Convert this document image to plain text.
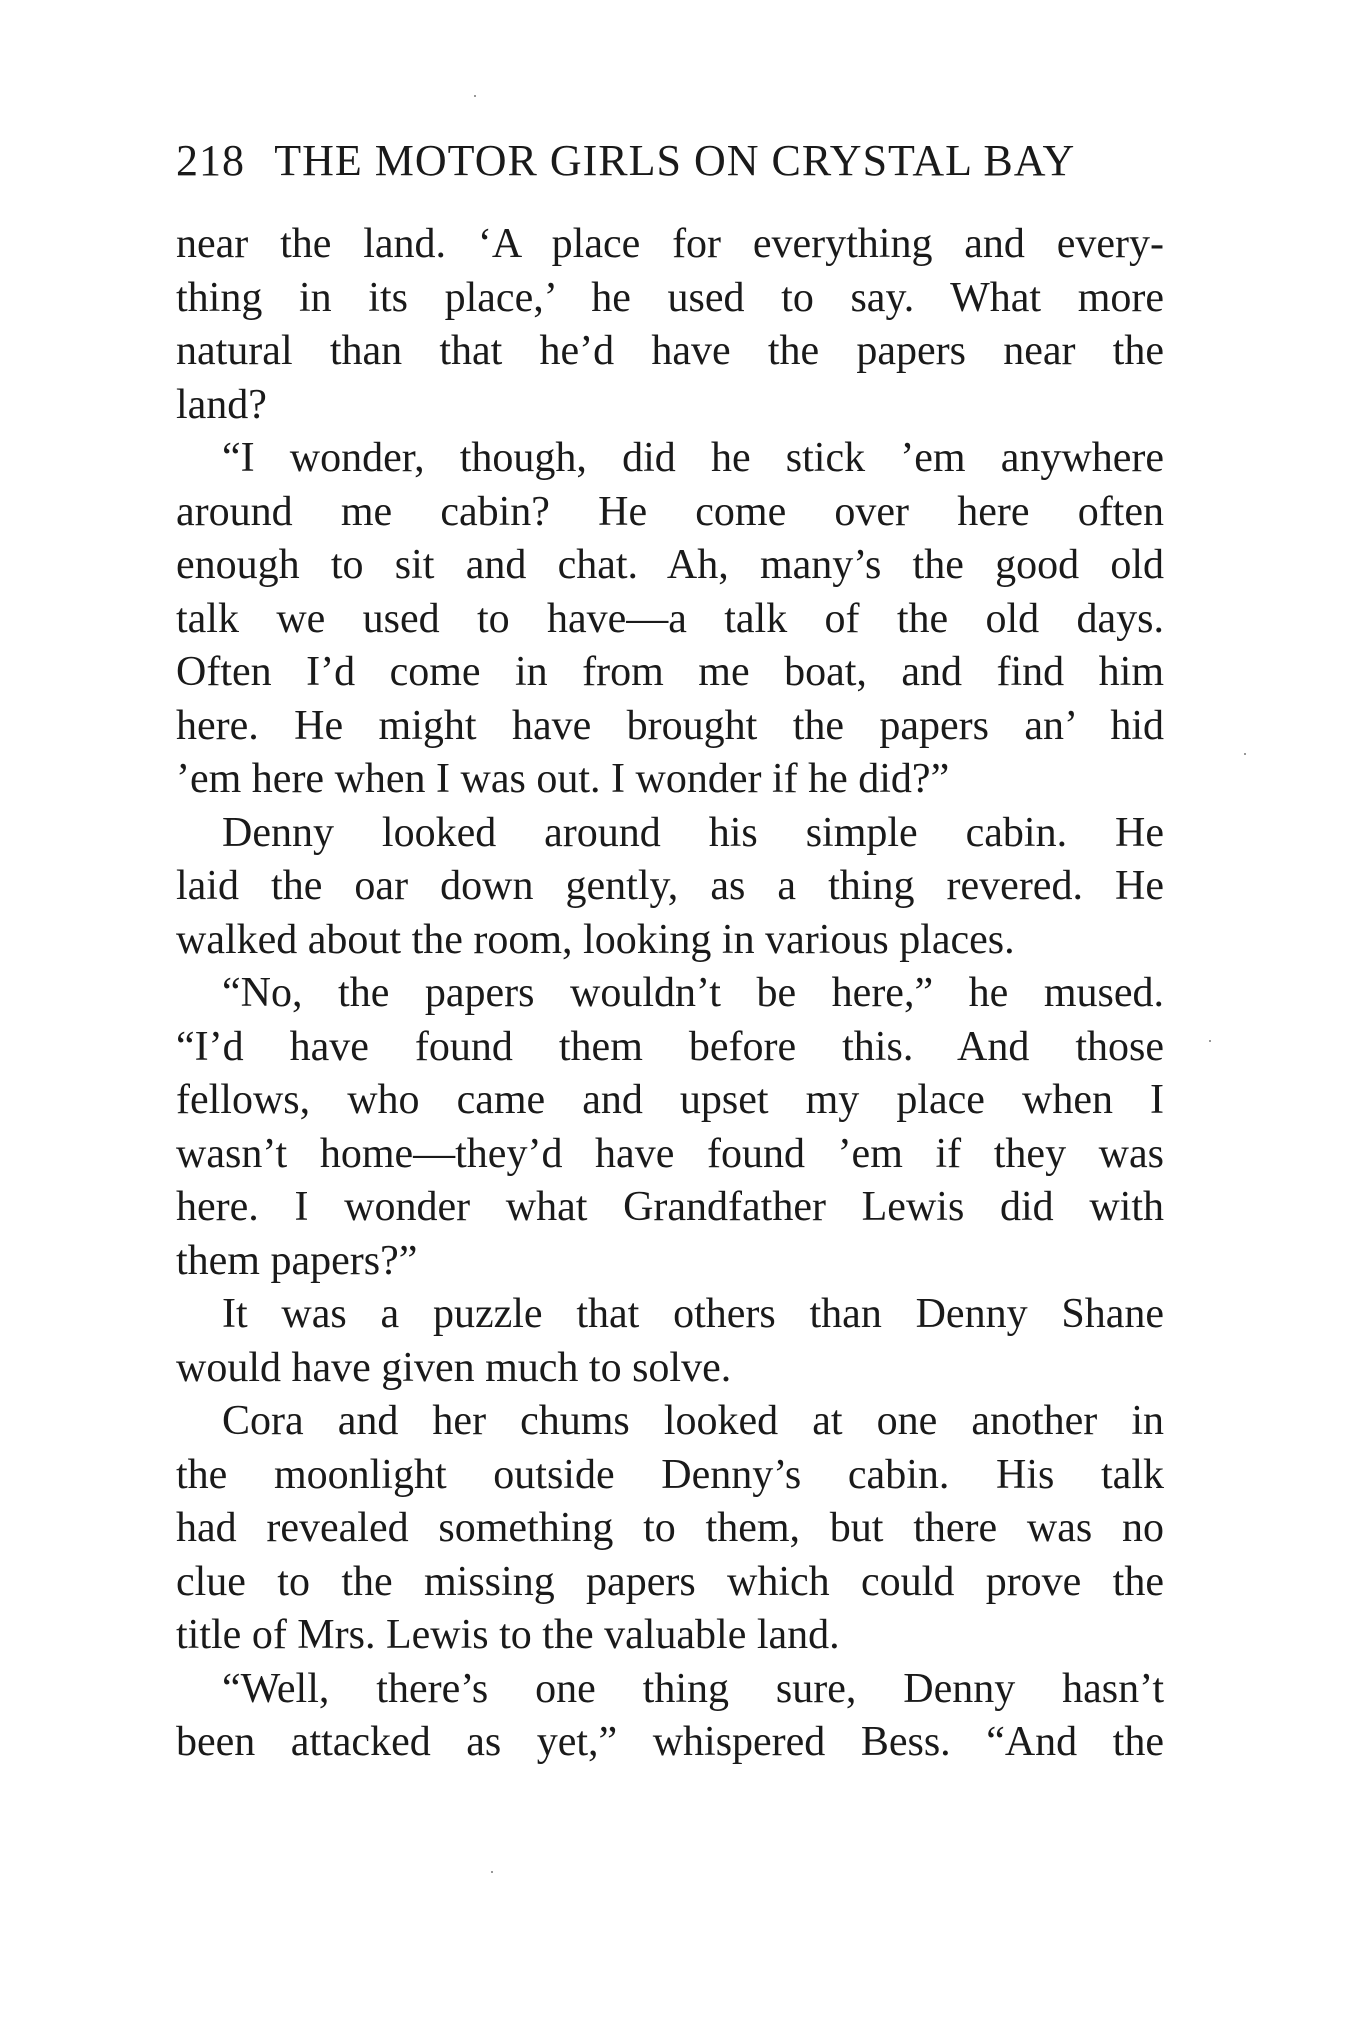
218 THE MOTOR GIRLS ON CRYSTAL BAY
near the land. ‘A place for everything and every-
thing in its place,’ he used to say. What more
natural than that he’d have the papers near the
land?
“I wonder, though, did he stick ’em anywhere
around me cabin? He come over here often
enough to sit and chat. Ah, many’s the good old
talk we used to have—a talk of the old days.
Often I’d come in from me boat, and find him
here. He might have brought the papers an’ hid
’em here when I was out. I wonder if he did?”
Denny looked around his simple cabin. He
laid the oar down gently, as a thing revered. He
walked about the room, looking in various places.
“No, the papers wouldn’t be here,” he mused.
“I’d have found them before this. And those
fellows, who came and upset my place when I
wasn’t home—they’d have found ’em if they was
here. I wonder what Grandfather Lewis did with
them papers?”
It was a puzzle that others than Denny Shane
would have given much to solve.
Cora and her chums looked at one another in
the moonlight outside Denny’s cabin. His talk
had revealed something to them, but there was no
clue to the missing papers which could prove the
title of Mrs. Lewis to the valuable land.
“Well, there’s one thing sure, Denny hasn’t
been attacked as yet,” whispered Bess. “And the
